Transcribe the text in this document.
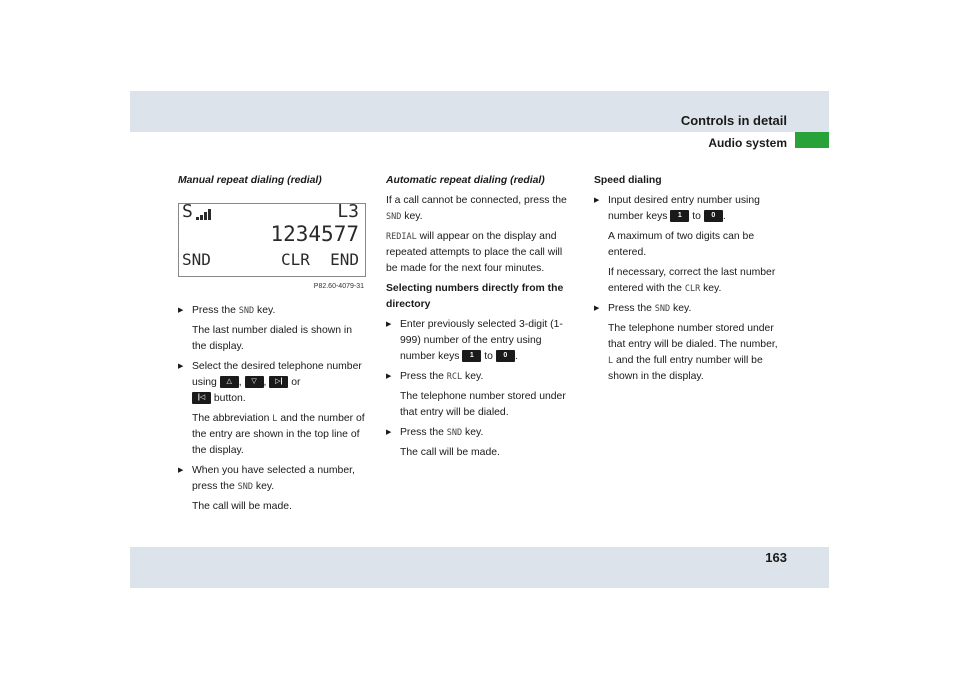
Controls in detail
Audio system

Manual repeat dialing (redial)

S	L3
1234577
SND	CLR END
P82.60-4079-31

▶ Press the SND key.

The last number dialed is shown in the display.

▶ Select the desired telephone number using △ , ▽ , ▷| or
|◁ button.

The abbreviation L and the number of the entry are shown in the top line of the display.

▶ When you have selected a number, press the SND key.

The call will be made.

Automatic repeat dialing (redial)

If a call cannot be connected, press the SND key.

REDIAL will appear on the display and repeated attempts to place the call will be made for the next four minutes.

Selecting numbers directly from the directory

▶ Enter previously selected 3-digit (1-999) number of the entry using number keys 1 to 0 .

▶ Press the RCL key.

The telephone number stored under that entry will be dialed.

▶ Press the SND key.

The call will be made.

Speed dialing

▶ Input desired entry number using number keys 1 to 0 .

A maximum of two digits can be entered.

If necessary, correct the last number entered with the CLR key.

▶ Press the SND key.

The telephone number stored under that entry will be dialed. The number, L and the full entry number will be shown in the display.

163
